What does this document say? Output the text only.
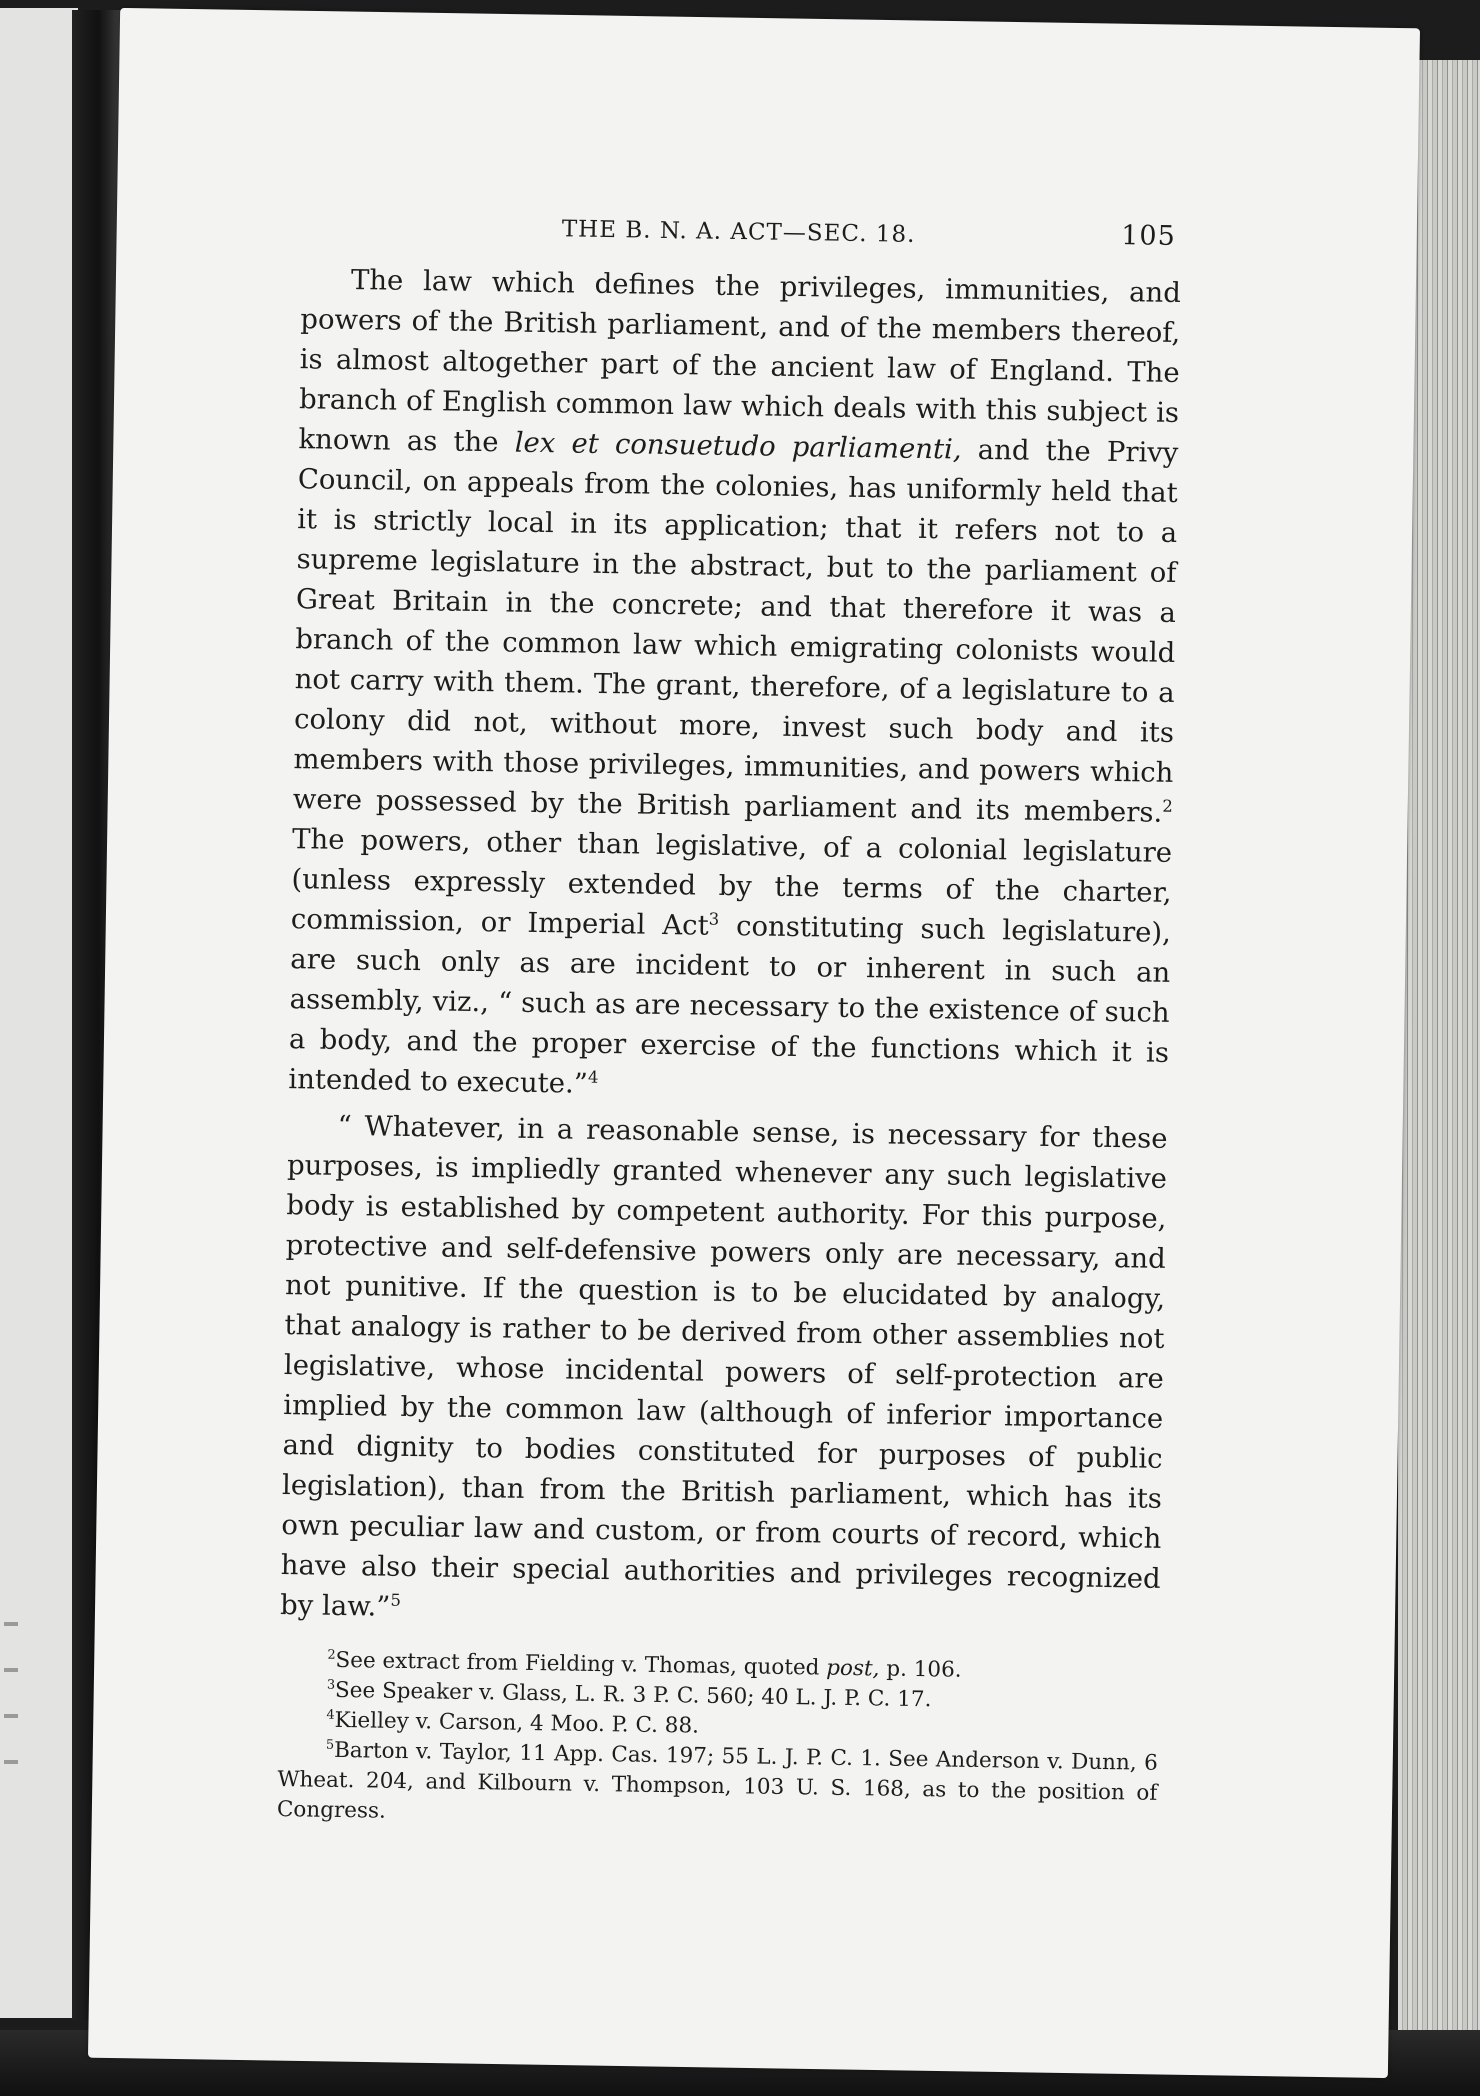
THE B. N. A. ACT—SEC. 18.	105

The law which defines the privileges, immunities, and powers of the British parliament, and of the members thereof, is almost altogether part of the ancient law of England. The branch of English common law which deals with this subject is known as the lex et consuetudo parliamenti, and the Privy Council, on appeals from the colonies, has uniformly held that it is strictly local in its application; that it refers not to a supreme legislature in the abstract, but to the parliament of Great Britain in the concrete; and that therefore it was a branch of the common law which emigrating colonists would not carry with them. The grant, therefore, of a legislature to a colony did not, without more, invest such body and its members with those privileges, immunities, and powers which were possessed by the British parliament and its members.$^2$ The powers, other than legislative, of a colonial legislature (unless expressly extended by the terms of the charter, commission, or Imperial Act$^3$ constituting such legislature), are such only as are incident to or inherent in such an assembly, viz., “ such as are necessary to the existence of such a body, and the proper exercise of the functions which it is intended to execute.”$^4$

“ Whatever, in a reasonable sense, is necessary for these purposes, is impliedly granted whenever any such legislative body is established by competent authority. For this purpose, protective and self-defensive powers only are necessary, and not punitive. If the question is to be elucidated by analogy, that analogy is rather to be derived from other assemblies not legislative, whose incidental powers of self-protection are implied by the common law (although of inferior importance and dignity to bodies constituted for purposes of public legislation), than from the British parliament, which has its own peculiar law and custom, or from courts of record, which have also their special authorities and privileges recognized by law.”$^5$

$^2$See extract from Fielding v. Thomas, quoted post, p. 106.

$^3$See Speaker v. Glass, L. R. 3 P. C. 560; 40 L. J. P. C. 17.

$^4$Kielley v. Carson, 4 Moo. P. C. 88.

$^5$Barton v. Taylor, 11 App. Cas. 197; 55 L. J. P. C. 1. See Anderson v. Dunn, 6 Wheat. 204, and Kilbourn v. Thompson, 103 U. S. 168, as to the position of Congress.
